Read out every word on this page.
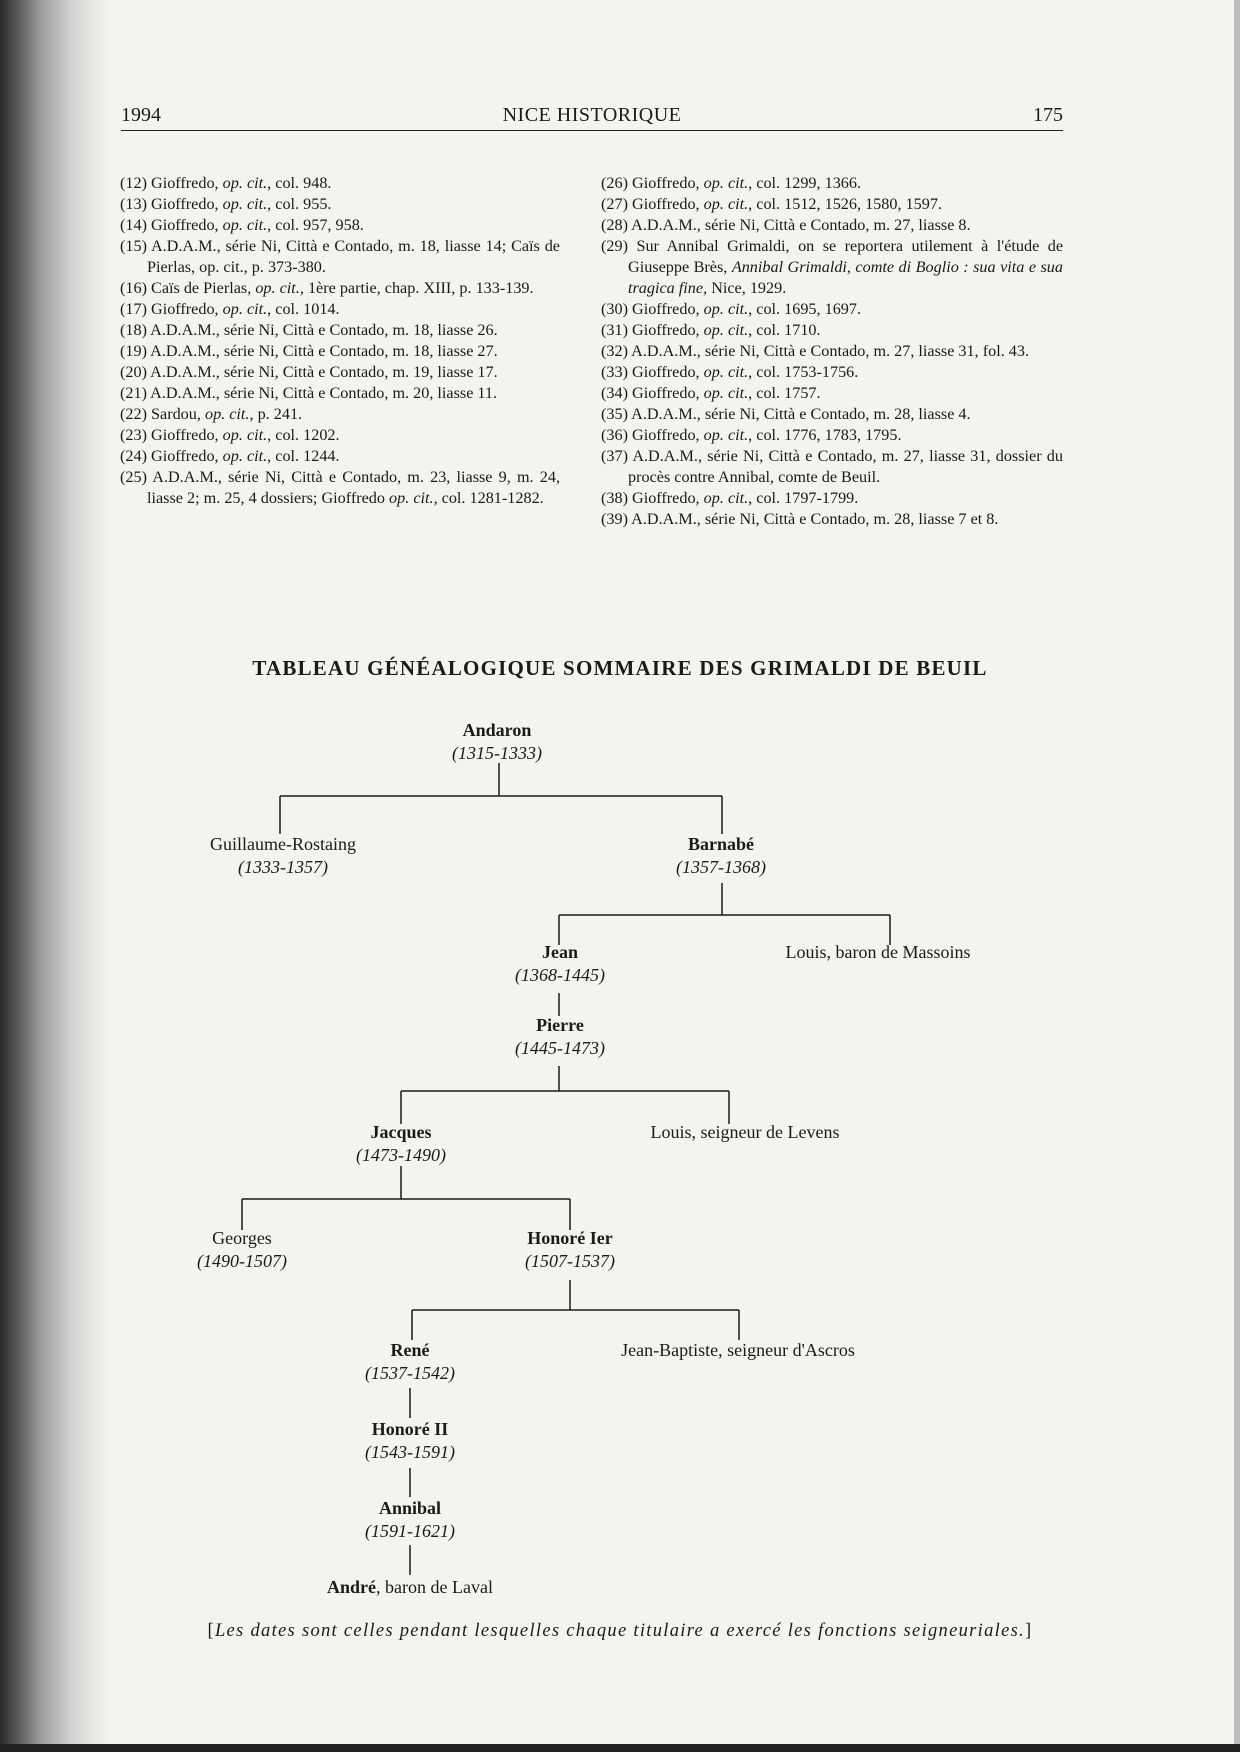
1994	NICE HISTORIQUE	175
(12) Gioffredo, op. cit., col. 948.
(13) Gioffredo, op. cit., col. 955.
(14) Gioffredo, op. cit., col. 957, 958.
(15) A.D.A.M., série Ni, Città e Contado, m. 18, liasse 14; Caïs de Pierlas, op. cit., p. 373-380.
(16) Caïs de Pierlas, op. cit., 1ère partie, chap. XIII, p. 133-139.
(17) Gioffredo, op. cit., col. 1014.
(18) A.D.A.M., série Ni, Città e Contado, m. 18, liasse 26.
(19) A.D.A.M., série Ni, Città e Contado, m. 18, liasse 27.
(20) A.D.A.M., série Ni, Città e Contado, m. 19, liasse 17.
(21) A.D.A.M., série Ni, Città e Contado, m. 20, liasse 11.
(22) Sardou, op. cit., p. 241.
(23) Gioffredo, op. cit., col. 1202.
(24) Gioffredo, op. cit., col. 1244.
(25) A.D.A.M., série Ni, Città e Contado, m. 23, liasse 9, m. 24, liasse 2; m. 25, 4 dossiers; Gioffredo op. cit., col. 1281-1282.
(26) Gioffredo, op. cit., col. 1299, 1366.
(27) Gioffredo, op. cit., col. 1512, 1526, 1580, 1597.
(28) A.D.A.M., série Ni, Città e Contado, m. 27, liasse 8.
(29) Sur Annibal Grimaldi, on se reportera utilement à l'étude de Giuseppe Brès, Annibal Grimaldi, comte di Boglio : sua vita e sua tragica fine, Nice, 1929.
(30) Gioffredo, op. cit., col. 1695, 1697.
(31) Gioffredo, op. cit., col. 1710.
(32) A.D.A.M., série Ni, Città e Contado, m. 27, liasse 31, fol. 43.
(33) Gioffredo, op. cit., col. 1753-1756.
(34) Gioffredo, op. cit., col. 1757.
(35) A.D.A.M., série Ni, Città e Contado, m. 28, liasse 4.
(36) Gioffredo, op. cit., col. 1776, 1783, 1795.
(37) A.D.A.M., série Ni, Città e Contado, m. 27, liasse 31, dossier du procès contre Annibal, comte de Beuil.
(38) Gioffredo, op. cit., col. 1797-1799.
(39) A.D.A.M., série Ni, Città e Contado, m. 28, liasse 7 et 8.
TABLEAU GÉNÉALOGIQUE SOMMAIRE DES GRIMALDI DE BEUIL
Andaron
(1315-1333)
Guillaume-Rostaing
(1333-1357)
Barnabé
(1357-1368)
Jean
(1368-1445)
Louis, baron de Massoins
Pierre
(1445-1473)
Jacques
(1473-1490)
Louis, seigneur de Levens
Georges
(1490-1507)
Honoré Ier
(1507-1537)
René
(1537-1542)
Jean-Baptiste, seigneur d'Ascros
Honoré II
(1543-1591)
Annibal
(1591-1621)
André, baron de Laval
[Les dates sont celles pendant lesquelles chaque titulaire a exercé les fonctions seigneuriales.]
